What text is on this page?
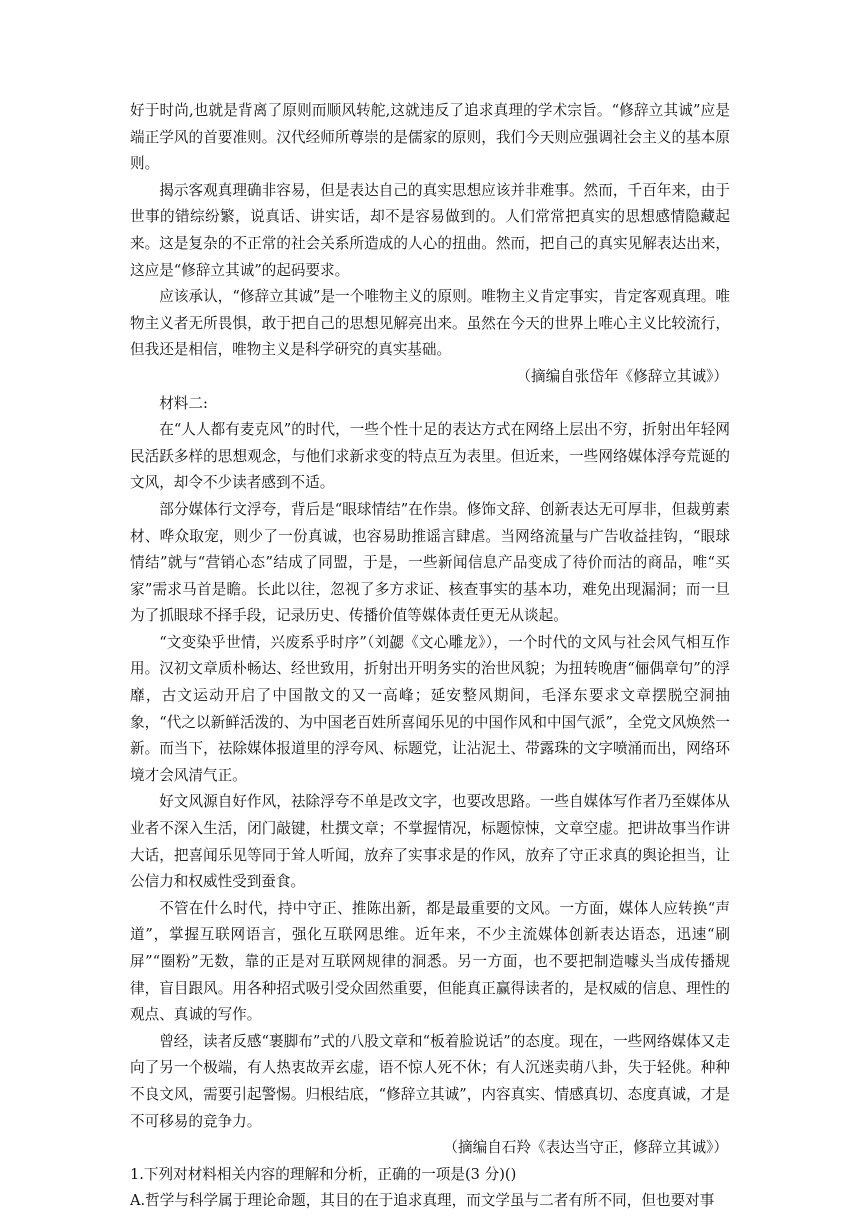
好于时尚,也就是背离了原则而顺风转舵,这就违反了追求真理的学术宗旨。“修辞立其诚”应是端正学风的首要准则。汉代经师所尊崇的是儒家的原则，我们今天则应强调社会主义的基本原则。

揭示客观真理确非容易，但是表达自己的真实思想应该并非难事。然而，千百年来，由于世事的错综纷繁，说真话、讲实话，却不是容易做到的。人们常常把真实的思想感情隐藏起来。这是复杂的不正常的社会关系所造成的人心的扭曲。然而，把自己的真实见解表达出来，这应是“修辞立其诚”的起码要求。

应该承认，“修辞立其诚”是一个唯物主义的原则。唯物主义肯定事实，肯定客观真理。唯物主义者无所畏惧，敢于把自己的思想见解亮出来。虽然在今天的世界上唯心主义比较流行，但我还是相信，唯物主义是科学研究的真实基础。

（摘编自张岱年《修辞立其诚》）

材料二:

在“人人都有麦克风”的时代，一些个性十足的表达方式在网络上层出不穷，折射出年轻网民活跃多样的思想观念，与他们求新求变的特点互为表里。但近来，一些网络媒体浮夸荒诞的文风，却令不少读者感到不适。

部分媒体行文浮夸，背后是“眼球情结”在作祟。修饰文辞、创新表达无可厚非，但裁剪素材、哗众取宠，则少了一份真诚，也容易助推谣言肆虐。当网络流量与广告收益挂钩，“眼球情结”就与“营销心态”结成了同盟，于是，一些新闻信息产品变成了待价而沽的商品，唯“买家”需求马首是瞻。长此以往，忽视了多方求证、核查事实的基本功，难免出现漏洞；而一旦为了抓眼球不择手段，记录历史、传播价值等媒体责任更无从谈起。

“文变染乎世情，兴废系乎时序”（刘勰《文心雕龙》），一个时代的文风与社会风气相互作用。汉初文章质朴畅达、经世致用，折射出开明务实的治世风貌；为扭转晚唐“俪偶章句”的浮靡，古文运动开启了中国散文的又一高峰；延安整风期间，毛泽东要求文章摆脱空洞抽象，“代之以新鲜活泼的、为中国老百姓所喜闻乐见的中国作风和中国气派”，全党文风焕然一新。而当下，祛除媒体报道里的浮夸风、标题党，让沾泥土、带露珠的文字喷涌而出，网络环境才会风清气正。

好文风源自好作风，祛除浮夸不单是改文字，也要改思路。一些自媒体写作者乃至媒体从业者不深入生活，闭门敲键，杜撰文章；不掌握情况，标题惊悚，文章空虚。把讲故事当作讲大话，把喜闻乐见等同于耸人听闻，放弃了实事求是的作风，放弃了守正求真的舆论担当，让公信力和权威性受到蚕食。

不管在什么时代，持中守正、推陈出新，都是最重要的文风。一方面，媒体人应转换“声道”，掌握互联网语言，强化互联网思维。近年来，不少主流媒体创新表达语态，迅速“刷屏”“圈粉”无数，靠的正是对互联网规律的洞悉。另一方面，也不要把制造噱头当成传播规律，盲目跟风。用各种招式吸引受众固然重要，但能真正赢得读者的，是权威的信息、理性的观点、真诚的写作。

曾经，读者反感“裹脚布”式的八股文章和“板着脸说话”的态度。现在，一些网络媒体又走向了另一个极端，有人热衷故弄玄虚，语不惊人死不休；有人沉迷卖萌八卦，失于轻佻。种种不良文风，需要引起警惕。归根结底，“修辞立其诚”，内容真实、情感真切、态度真诚，才是不可移易的竞争力。

（摘编自石羚《表达当守正，修辞立其诚》）

1.下列对材料相关内容的理解和分析，正确的一项是(3 分)()

A.哲学与科学属于理论命题，其目的在于追求真理，而文学虽与二者有所不同，但也要对事
